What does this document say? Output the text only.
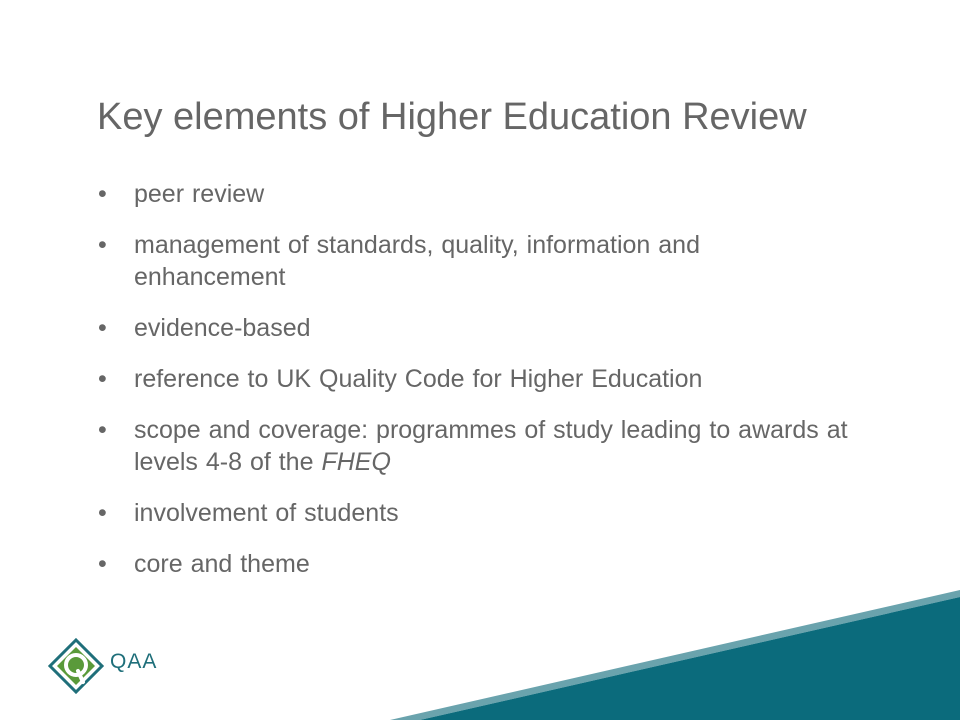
Key elements of Higher Education Review
• peer review
• management of standards, quality, information and enhancement
• evidence-based
• reference to UK Quality Code for Higher Education
• scope and coverage: programmes of study leading to awards at levels 4-8 of the FHEQ
• involvement of students
• core and theme
QAA
